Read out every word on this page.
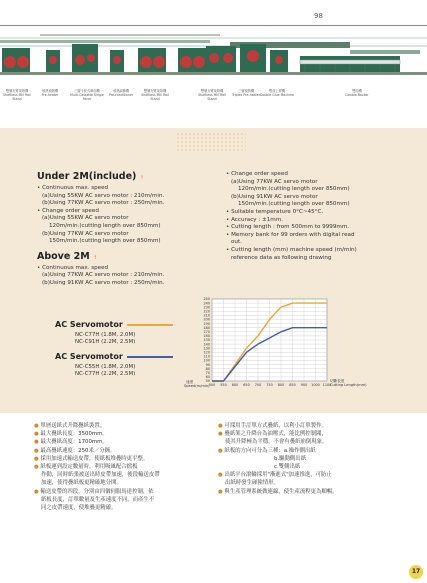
98
雙層支臂架紙機
Shaftless Mill Roll Stand
預熱預熱機
Pre-heater
三層卡匣式單面機
Multi-Cassette Single Facer
預熱調節機
Pre-conditioner
雙層支臂架紙機
Shaftless Mill Roll Stand
雙層支臂架紙機
Shaftless Mill Roll Stand
三層預熱機
Triplex Pre-heater
雙面上膠機
Double Glue Machine
雙面機
Double Backer
Under 2M(include) ↑
• Continuous max. speed
(a)Using 55KW AC servo motor : 210m/min.
(b)Using 77KW AC servo motor : 250m/min.
• Change order speed
(a)Using 55KW AC servo motor
120m/min.(cutting length over 850mm)
(b)Using 77KW AC servo motor
150m/min.(cutting length over 850mm)
Above 2M ↑
• Continuous max. speed
(a)Using 77KW AC servo motor : 210m/min.
(b)Using 91KW AC servo motor : 250m/min.
• Change order speed
(a)Using 77KW AC servo motor
120m/min.(cutting length over 850mm)
(b)Using 91KW AC servo motor
150m/min.(cutting length over 850mm)
• Suitable temperature 0°C~45°C.
• Accuracy : ±1mm.
• Cutting length : from 500mm to 9999mm.
• Memory bank for 99 orders with digital read
out.
• Cutting length (mm) machine speed (m/min)
reference data as following drawing
AC Servomotor
NC-C77H (1.8M, 2.0M)
NC-C91H (2.2M, 2.5M)
AC Servomotor
NC-C55H (1.8M, 2.0M)
NC-C77H (2.2M, 2.5M)
50
60
70
80
90
100
110
120
130
140
150
160
170
180
190
200
210
220
230
240
250
500 550 600 650 700 750 800 850 900 1000 1100
速度
Speed(m/min)
切斷長度
Cutting Length(mm)
● 單層送紙式升降疊紙裝置。
● 最大疊紙長度：3500mm。
● 最大疊紙高度：1700mm。
● 最高疊紙速度：250米／分鐘。
● 採用加速式輸送皮帶，使紙板堆疊時更平整。
● 紙板運到設定數量時，利用吸風配合擋板
作動，同時紙張被送出時皮帶加速，後段輸送皮帶
加速，使得疊紙板更精確地分開。
● 輸送皮帶的四段，分別由四個伺服馬達控制，依
紙板長度，訂單數量及生產速度不同，而產生不
同之皮帶速度，使堆疊更精確。
● 可採用手訂單方式疊紙，以利小訂單製作。
● 疊紙架之升降台為油壓式，能比例控制閥，
使其升降極為平穩，不會有疊紙崩倒現象。
● 紙板的方向可分為三種：a.操作側出紙
b.驅動側出紙
c.雙側出紙
● 出紙平台滾輪採用"漸進式"加速推進，可防止
出紙時發生碰撞情形。
● 與生產管理系統做連線，使生產流程更為順暢。
17
